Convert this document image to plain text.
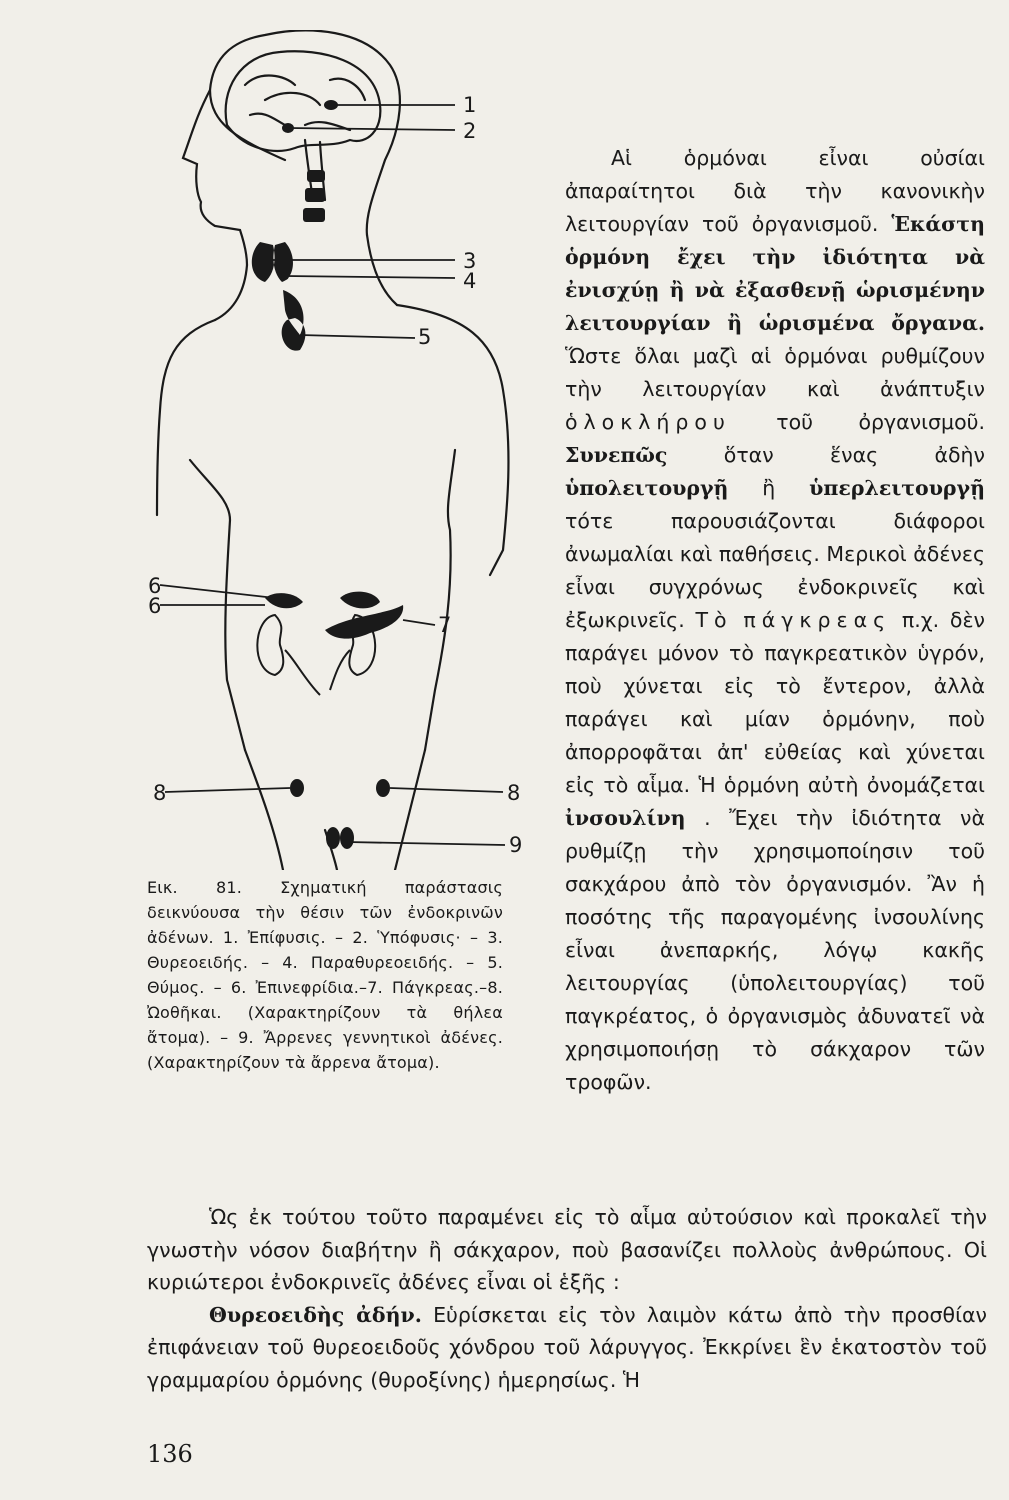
1
2
3
4
5
6
6
7
8	8
9
Εικ. 81. Σχηματική παράστασις δεικνύουσα τὴν θέσιν τῶν ἐνδοκρινῶν ἀδένων. 1. Ἐπίφυσις. – 2. Ὑπόφυσις· – 3. Θυρεοειδής. – 4. Παραθυρεοειδής. – 5. Θύμος. – 6. Ἐπινεφρίδια.–7. Πάγκρεας.–8. Ὠοθῆκαι. (Χαρακτηρίζουν τὰ θήλεα ἄτομα). – 9. Ἄρρενες γεννητικοὶ ἀδένες. (Χαρακτηρίζουν τὰ ἄρρενα ἄτομα).
Αἱ ὁρμόναι εἶναι οὐσίαι ἀπαραίτητοι διὰ τὴν κανονικὴν λειτουργίαν τοῦ ὀργανισμοῦ. Ἑκάστη ὁρμόνη ἔχει τὴν ἰδιότητα νὰ ἐνισχύῃ ἢ νὰ ἐξασθενῇ ὡρισμένην λειτουργίαν ἢ ὡρισμένα ὄργανα. Ὥστε ὅλαι μαζὶ αἱ ὁρμόναι ρυθμίζουν τὴν λειτουργίαν καὶ ἀνάπτυξιν ὁλοκλήρου τοῦ ὀργανισμοῦ. Συνεπῶς ὅταν ἕνας ἀδὴν ὑπολειτουργῇ ἢ ὑπερλειτουργῇ τότε παρουσιάζονται διάφοροι ἀνωμαλίαι καὶ παθήσεις. Μερικοὶ ἀδένες εἶναι συγχρόνως ἐνδοκρινεῖς καὶ ἐξωκρινεῖς. Τὸ πάγκρεας π.χ. δὲν παράγει μόνον τὸ παγκρεατικὸν ὑγρόν, ποὺ χύνεται εἰς τὸ ἔντερον, ἀλλὰ παράγει καὶ μίαν ὁρμόνην, ποὺ ἀπορροφᾶται ἀπ' εὐθείας καὶ χύνεται εἰς τὸ αἷμα. Ἡ ὁρμόνη αὐτὴ ὀνομάζεται ἰνσουλίνη . Ἔχει τὴν ἰδιότητα νὰ ρυθμίζῃ τὴν χρησιμοποίησιν τοῦ σακχάρου ἀπὸ τὸν ὀργανισμόν. Ἂν ἡ ποσότης τῆς παραγομένης ἰνσουλίνης εἶναι ἀνεπαρκής, λόγῳ κακῆς λειτουργίας (ὑπολειτουργίας) τοῦ παγκρέατος, ὁ ὀργανισμὸς ἀδυνατεῖ νὰ χρησιμοποιήσῃ τὸ σάκχαρον τῶν τροφῶν.
Ὡς ἐκ τούτου τοῦτο παραμένει εἰς τὸ αἷμα αὐτούσιον καὶ προκαλεῖ τὴν γνωστὴν νόσον διαβήτην ἢ σάκχαρον, ποὺ βασανίζει πολλοὺς ἀνθρώπους. Οἱ κυριώτεροι ἐνδοκρινεῖς ἀδένες εἶναι οἱ ἑξῆς :
Θυρεοειδὴς ἀδήν. Εὑρίσκεται εἰς τὸν λαιμὸν κάτω ἀπὸ τὴν προσθίαν ἐπιφάνειαν τοῦ θυρεοειδοῦς χόνδρου τοῦ λάρυγγος. Ἐκκρίνει ἓν ἑκατοστὸν τοῦ γραμμαρίου ὁρμόνης (θυροξίνης) ἡμερησίως. Ἡ
136
